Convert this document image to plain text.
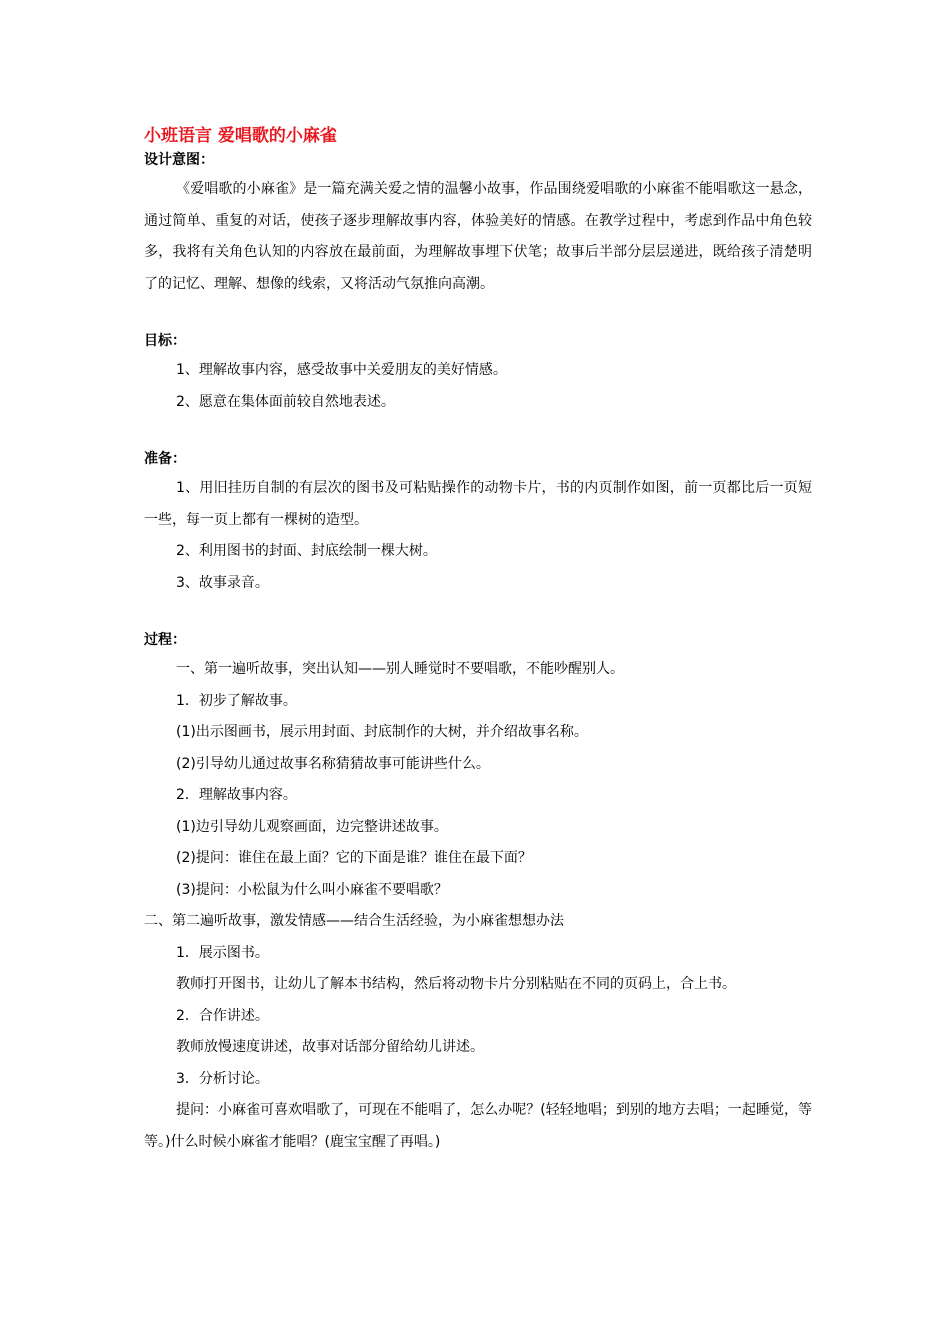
小班语言 爱唱歌的小麻雀
设计意图：

《爱唱歌的小麻雀》是一篇充满关爱之情的温馨小故事，作品围绕爱唱歌的小麻雀不能唱歌这一悬念，通过简单、重复的对话，使孩子逐步理解故事内容，体验美好的情感。在教学过程中，考虑到作品中角色较多，我将有关角色认知的内容放在最前面，为理解故事埋下伏笔；故事后半部分层层递进，既给孩子清楚明了的记忆、理解、想像的线索，又将活动气氛推向高潮。

目标：

1、理解故事内容，感受故事中关爱朋友的美好情感。

2、愿意在集体面前较自然地表述。

准备：

1、用旧挂历自制的有层次的图书及可粘贴操作的动物卡片，书的内页制作如图，前一页都比后一页短一些，每一页上都有一棵树的造型。

2、利用图书的封面、封底绘制一棵大树。

3、故事录音。

过程：

一、第一遍听故事，突出认知——别人睡觉时不要唱歌，不能吵醒别人。

1．初步了解故事。

(1)出示图画书，展示用封面、封底制作的大树，并介绍故事名称。

(2)引导幼儿通过故事名称猜猜故事可能讲些什么。

2．理解故事内容。

(1)边引导幼儿观察画面，边完整讲述故事。

(2)提问：谁住在最上面？它的下面是谁？谁住在最下面？

(3)提问：小松鼠为什么叫小麻雀不要唱歌？

二、第二遍听故事，激发情感——结合生活经验，为小麻雀想想办法

1．展示图书。

教师打开图书，让幼儿了解本书结构，然后将动物卡片分别粘贴在不同的页码上，合上书。

2．合作讲述。

教师放慢速度讲述，故事对话部分留给幼儿讲述。

3．分析讨论。

提问：小麻雀可喜欢唱歌了，可现在不能唱了，怎么办呢？(轻轻地唱；到别的地方去唱；一起睡觉，等等。)什么时候小麻雀才能唱？(鹿宝宝醒了再唱。)
